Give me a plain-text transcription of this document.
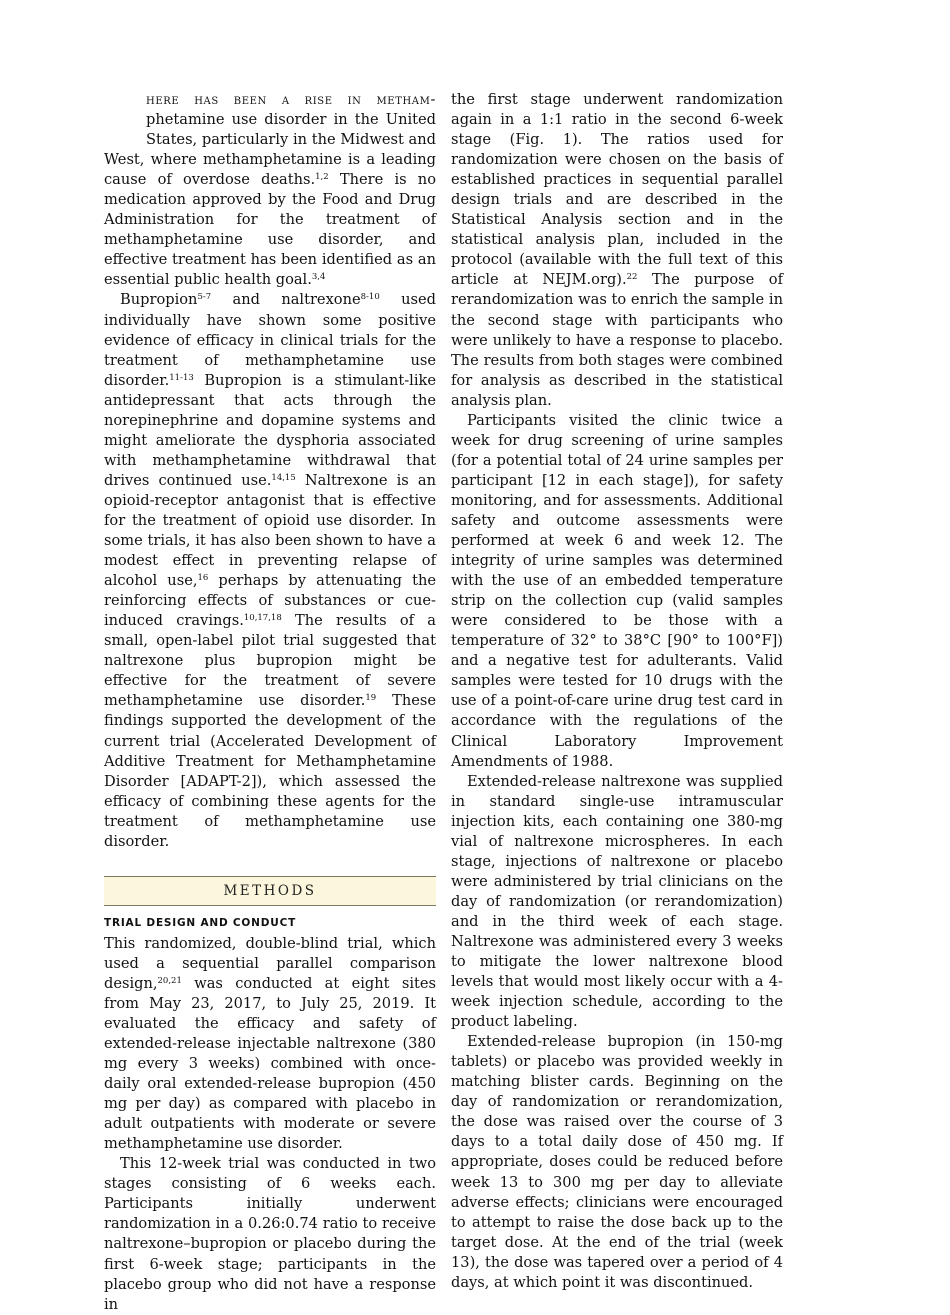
here has been a rise in metham- phetamine use disorder in the United States, particularly in the Midwest and West, where methamphetamine is a leading cause of overdose deaths.$^{1,2}$ There is no medication approved by the Food and Drug Administration for the treatment of methamphetamine use disorder, and effective treatment has been identified as an essential public health goal.$^{3,4}$

Bupropion$^{5-7}$ and naltrexone$^{8-10}$ used individually have shown some positive evidence of efficacy in clinical trials for the treatment of methamphetamine use disorder.$^{11-13}$ Bupropion is a stimulant-like antidepressant that acts through the norepinephrine and dopamine systems and might ameliorate the dysphoria associated with methamphetamine withdrawal that drives continued use.$^{14,15}$ Naltrexone is an opioid-receptor antagonist that is effective for the treatment of opioid use disorder. In some trials, it has also been shown to have a modest effect in preventing relapse of alcohol use,$^{16}$ perhaps by attenuating the reinforcing effects of substances or cue-induced cravings.$^{10,17,18}$ The results of a small, open-label pilot trial suggested that naltrexone plus bupropion might be effective for the treatment of severe methamphetamine use disorder.$^{19}$ These findings supported the development of the current trial (Accelerated Development of Additive Treatment for Methamphetamine Disorder [ADAPT-2]), which assessed the efficacy of combining these agents for the treatment of methamphetamine use disorder.

METHODS
TRIAL DESIGN AND CONDUCT

This randomized, double-blind trial, which used a sequential parallel comparison design,$^{20,21}$ was conducted at eight sites from May 23, 2017, to July 25, 2019. It evaluated the efficacy and safety of extended-release injectable naltrexone (380 mg every 3 weeks) combined with once-daily oral extended-release bupropion (450 mg per day) as compared with placebo in adult outpatients with moderate or severe methamphetamine use disorder.

This 12-week trial was conducted in two stages consisting of 6 weeks each. Participants initially underwent randomization in a 0.26:0.74 ratio to receive naltrexone–bupropion or placebo during the first 6-week stage; participants in the placebo group who did not have a response in

the first stage underwent randomization again in a 1:1 ratio in the second 6-week stage (Fig. 1). The ratios used for randomization were chosen on the basis of established practices in sequential parallel design trials and are described in the Statistical Analysis section and in the statistical analysis plan, included in the protocol (available with the full text of this article at NEJM.org).$^{22}$ The purpose of rerandomization was to enrich the sample in the second stage with participants who were unlikely to have a response to placebo. The results from both stages were combined for analysis as described in the statistical analysis plan.

Participants visited the clinic twice a week for drug screening of urine samples (for a potential total of 24 urine samples per participant [12 in each stage]), for safety monitoring, and for assessments. Additional safety and outcome assessments were performed at week 6 and week 12. The integrity of urine samples was determined with the use of an embedded temperature strip on the collection cup (valid samples were considered to be those with a temperature of 32° to 38°C [90° to 100°F]) and a negative test for adulterants. Valid samples were tested for 10 drugs with the use of a point-of-care urine drug test card in accordance with the regulations of the Clinical Laboratory Improvement Amendments of 1988.

Extended-release naltrexone was supplied in standard single-use intramuscular injection kits, each containing one 380-mg vial of naltrexone microspheres. In each stage, injections of naltrexone or placebo were administered by trial clinicians on the day of randomization (or rerandomization) and in the third week of each stage. Naltrexone was administered every 3 weeks to mitigate the lower naltrexone blood levels that would most likely occur with a 4-week injection schedule, according to the product labeling.

Extended-release bupropion (in 150-mg tablets) or placebo was provided weekly in matching blister cards. Beginning on the day of randomization or rerandomization, the dose was raised over the course of 3 days to a total daily dose of 450 mg. If appropriate, doses could be reduced before week 13 to 300 mg per day to alleviate adverse effects; clinicians were encouraged to attempt to raise the dose back up to the target dose. At the end of the trial (week 13), the dose was tapered over a period of 4 days, at which point it was discontinued.
